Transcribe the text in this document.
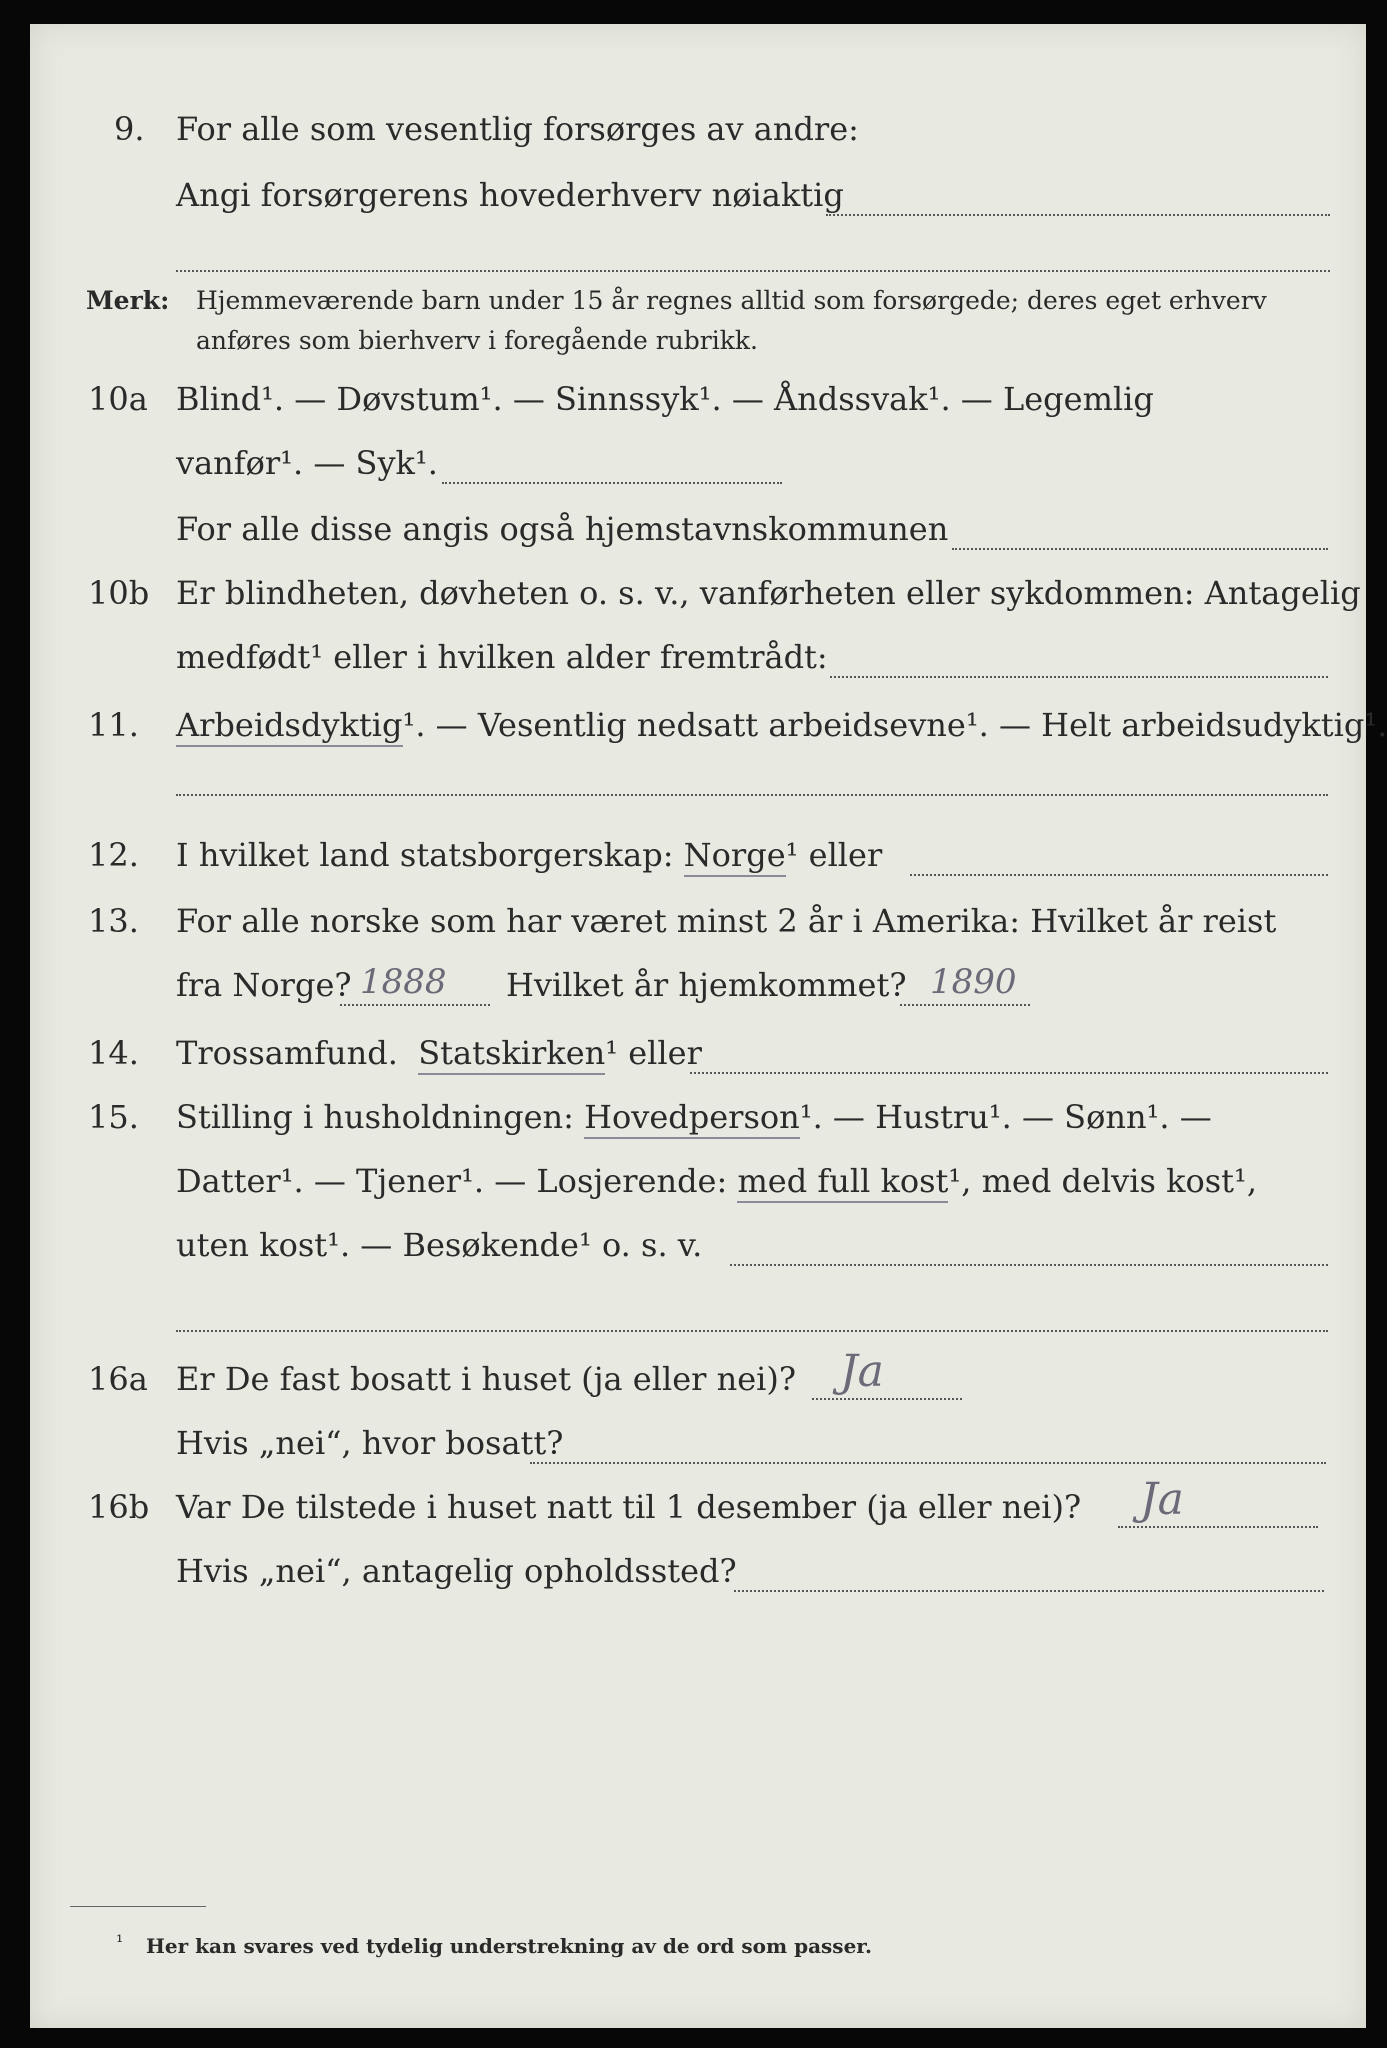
9. For alle som vesentlig forsørges av andre:
Angi forsørgerens hovederhverv nøiaktig
Merk: Hjemmeværende barn under 15 år regnes alltid som forsørgede; deres eget erhverv
anføres som bierhverv i foregående rubrikk.
10a Blind¹. — Døvstum¹. — Sinnssyk¹. — Åndssvak¹. — Legemlig
vanfør¹. — Syk¹.
For alle disse angis også hjemstavnskommunen
10b Er blindheten, døvheten o. s. v., vanførheten eller sykdommen: Antagelig
medfødt¹ eller i hvilken alder fremtrådt:
11. Arbeidsdyktig¹. — Vesentlig nedsatt arbeidsevne¹. — Helt arbeidsudyktig¹.
12. I hvilket land statsborgerskap: Norge¹ eller
13. For alle norske som har været minst 2 år i Amerika: Hvilket år reist
fra Norge? 1888 Hvilket år hjemkommet? 1890
14. Trossamfund. Statskirken¹ eller
15. Stilling i husholdningen: Hovedperson¹. — Hustru¹. — Sønn¹. —
Datter¹. — Tjener¹. — Losjerende: med full kost¹, med delvis kost¹,
uten kost¹. — Besøkende¹ o. s. v.
16a Er De fast bosatt i huset (ja eller nei)? Ja
Hvis „nei“, hvor bosatt?
16b Var De tilstede i huset natt til 1 desember (ja eller nei)? Ja
Hvis „nei“, antagelig opholdssted?
¹ Her kan svares ved tydelig understrekning av de ord som passer.
